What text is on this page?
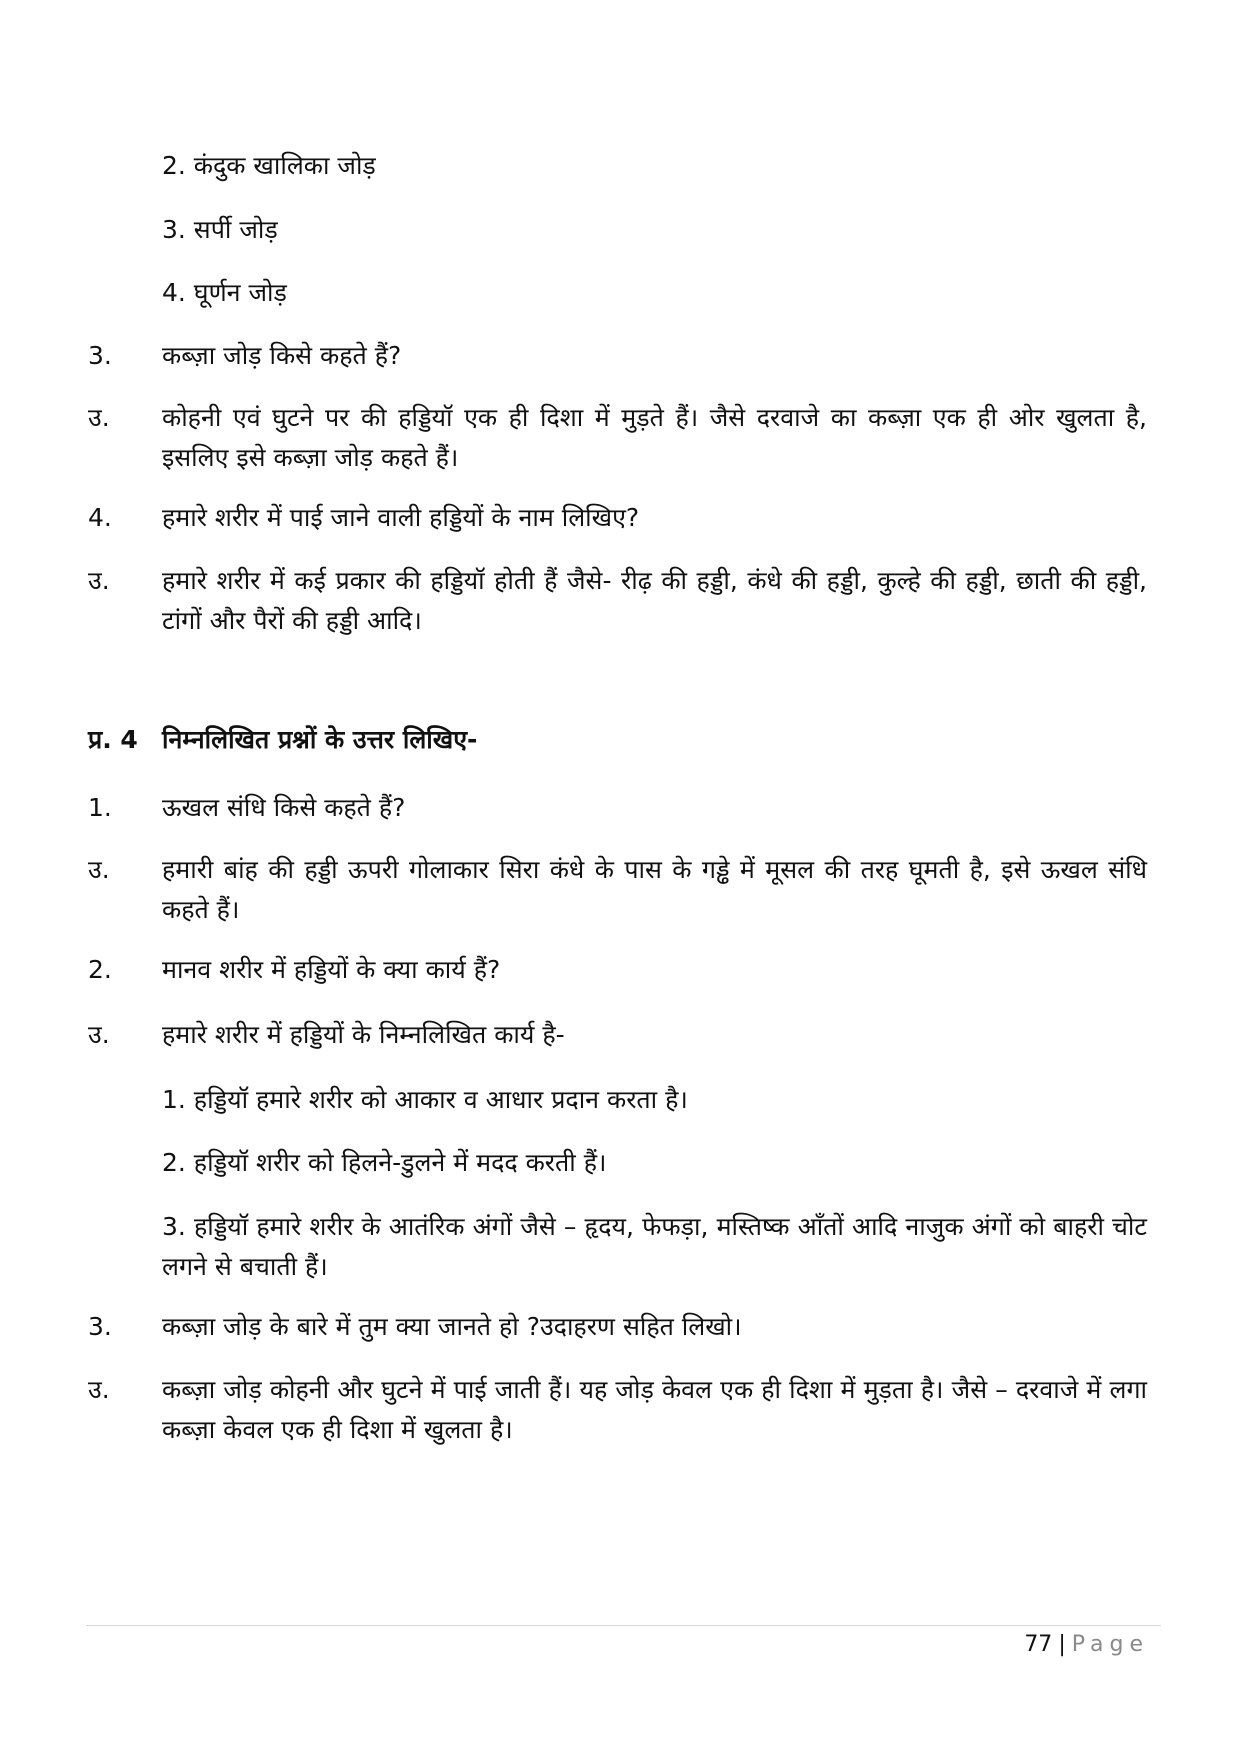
2. कंदुक खालिका जोड़
3. सर्पी जोड़
4. घूर्णन जोड़
3.	कब्ज़ा जोड़ किसे कहते हैं?
उ.	कोहनी एवं घुटने पर की हड्डियॉ एक ही दिशा में मुड़ते हैं। जैसे दरवाजे का कब्ज़ा एक ही ओर खुलता है, इसलिए इसे कब्ज़ा जोड़ कहते हैं।
4.	हमारे शरीर में पाई जाने वाली हड्डियों के नाम लिखिए?
उ.	हमारे शरीर में कई प्रकार की हड्डियॉ होती हैं जैसे- रीढ़ की हड्डी, कंधे की हड्डी, कुल्हे की हड्डी, छाती की हड्डी, टांगों और पैरों की हड्डी आदि।
प्र. 4 निम्नलिखित प्रश्नों के उत्तर लिखिए-
1.	ऊखल संधि किसे कहते हैं?
उ.	हमारी बांह की हड्डी ऊपरी गोलाकार सिरा कंधे के पास के गड्ढे में मूसल की तरह घूमती है, इसे ऊखल संधि कहते हैं।
2.	मानव शरीर में हड्डियों के क्या कार्य हैं?
उ.	हमारे शरीर में हड्डियों के निम्नलिखित कार्य है-
1. हड्डियॉ हमारे शरीर को आकार व आधार प्रदान करता है।
2. हड्डियॉ शरीर को हिलने-डुलने में मदद करती हैं।
3. हड्डियॉ हमारे शरीर के आतंरिक अंगों जैसे – हृदय, फेफड़ा, मस्तिष्क आँतों आदि नाजुक अंगों को बाहरी चोट लगने से बचाती हैं।
3.	कब्ज़ा जोड़ के बारे में तुम क्या जानते हो ?उदाहरण सहित लिखो।
उ.	कब्ज़ा जोड़ कोहनी और घुटने में पाई जाती हैं। यह जोड़ केवल एक ही दिशा में मुड़ता है। जैसे – दरवाजे में लगा कब्ज़ा केवल एक ही दिशा में खुलता है।
77 | Page
